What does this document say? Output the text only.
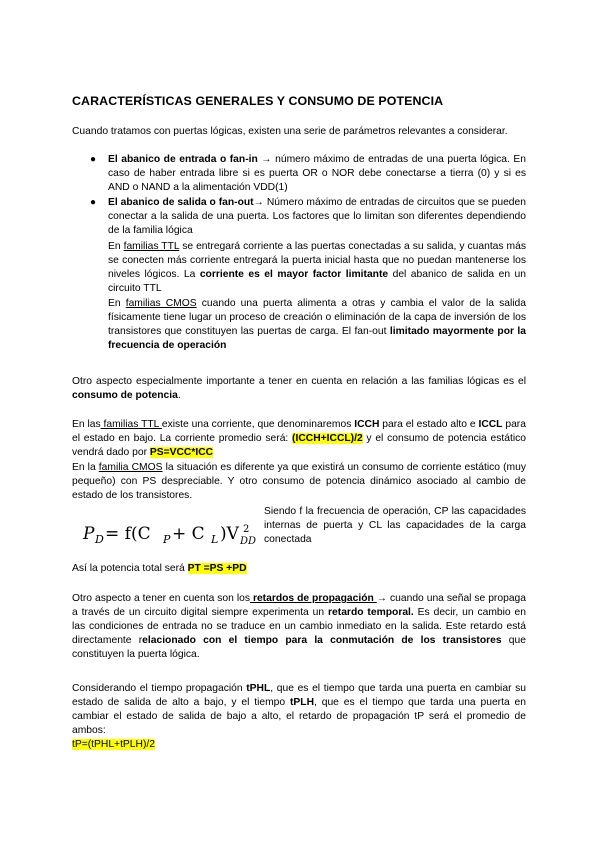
CARACTERÍSTICAS GENERALES Y CONSUMO DE POTENCIA

Cuando tratamos con puertas lógicas, existen una serie de parámetros relevantes a considerar.

● El abanico de entrada o fan-in → número máximo de entradas de una puerta lógica. En caso de haber entrada libre si es puerta OR o NOR debe conectarse a tierra (0) y si es AND o NAND a la alimentación VDD(1)

● El abanico de salida o fan-out→ Número máximo de entradas de circuitos que se pueden conectar a la salida de una puerta. Los factores que lo limitan son diferentes dependiendo de la familia lógica

En familias TTL se entregará corriente a las puertas conectadas a su salida, y cuantas más se conecten más corriente entregará la puerta inicial hasta que no puedan mantenerse los niveles lógicos. La corriente es el mayor factor limitante del abanico de salida en un circuito TTL

En familias CMOS cuando una puerta alimenta a otras y cambia el valor de la salida físicamente tiene lugar un proceso de creación o eliminación de la capa de inversión de los transistores que constituyen las puertas de carga. El fan-out limitado mayormente por la frecuencia de operación

Otro aspecto especialmente importante a tener en cuenta en relación a las familias lógicas es el consumo de potencia.

En las familias TTL existe una corriente, que denominaremos ICCH para el estado alto e ICCL para el estado en bajo. La corriente promedio será: (ICCH+ICCL)/2 y el consumo de potencia estático vendrá dado por PS=VCC*ICC

En la familia CMOS la situación es diferente ya que existirá un consumo de corriente estático (muy pequeño) con PS despreciable. Y otro consumo de potencia dinámico asociado al cambio de estado de los transistores.

P D = f(C P + C L )V 2
DD

Siendo f la frecuencia de operación, CP las capacidades internas de puerta y CL las capacidades de la carga conectada

Así la potencia total será PT =PS +PD

Otro aspecto a tener en cuenta son los retardos de propagación → cuando una señal se propaga a través de un circuito digital siempre experimenta un retardo temporal. Es decir, un cambio en las condiciones de entrada no se traduce en un cambio inmediato en la salida. Este retardo está directamente relacionado con el tiempo para la conmutación de los transistores que constituyen la puerta lógica.

Considerando el tiempo propagación tPHL, que es el tiempo que tarda una puerta en cambiar su estado de salida de alto a bajo, y el tiempo tPLH, que es el tiempo que tarda una puerta en cambiar el estado de salida de bajo a alto, el retardo de propagación tP será el promedio de ambos:
tP=(tPHL+tPLH)/2
